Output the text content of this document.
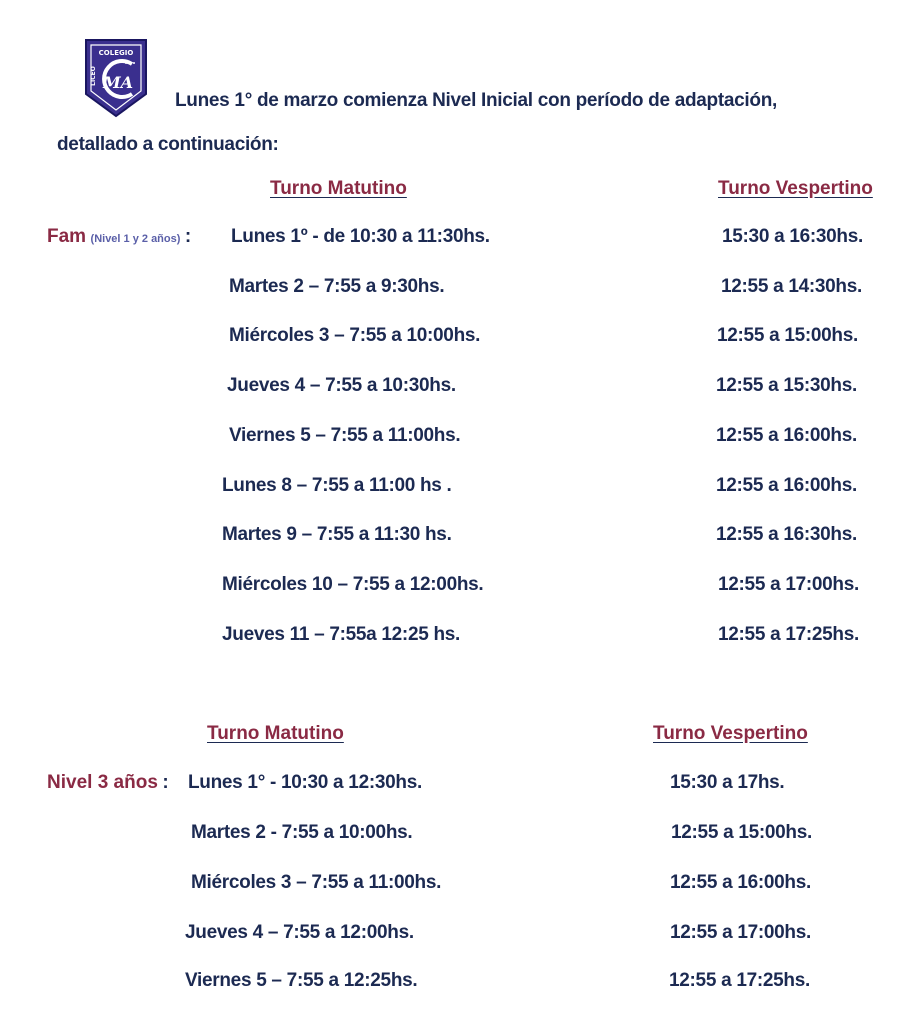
COLEGIO
MA
LICEO
Lunes 1° de marzo comienza Nivel Inicial con período de adaptación,
detallado a continuación:
Turno Matutino	Turno Vespertino
Fam (Nivel 1 y 2 años) : Lunes 1º - de 10:30 a 11:30hs.	15:30 a 16:30hs.
Martes 2 – 7:55 a 9:30hs.	12:55 a 14:30hs.
Miércoles 3 – 7:55 a 10:00hs.	12:55 a 15:00hs.
Jueves 4 – 7:55 a 10:30hs.	12:55 a 15:30hs.
Viernes 5 – 7:55 a 11:00hs.	12:55 a 16:00hs.
Lunes 8 – 7:55 a 11:00 hs .	12:55 a 16:00hs.
Martes 9 – 7:55 a 11:30 hs.	12:55 a 16:30hs.
Miércoles 10 – 7:55 a 12:00hs.	12:55 a 17:00hs.
Jueves 11 – 7:55a 12:25 hs.	12:55 a 17:25hs.
Turno Matutino	Turno Vespertino
Nivel 3 años : Lunes 1° - 10:30 a 12:30hs.	15:30 a 17hs.
Martes 2 - 7:55 a 10:00hs.	12:55 a 15:00hs.
Miércoles 3 – 7:55 a 11:00hs.	12:55 a 16:00hs.
Jueves 4 – 7:55 a 12:00hs.	12:55 a 17:00hs.
Viernes 5 – 7:55 a 12:25hs.	12:55 a 17:25hs.
